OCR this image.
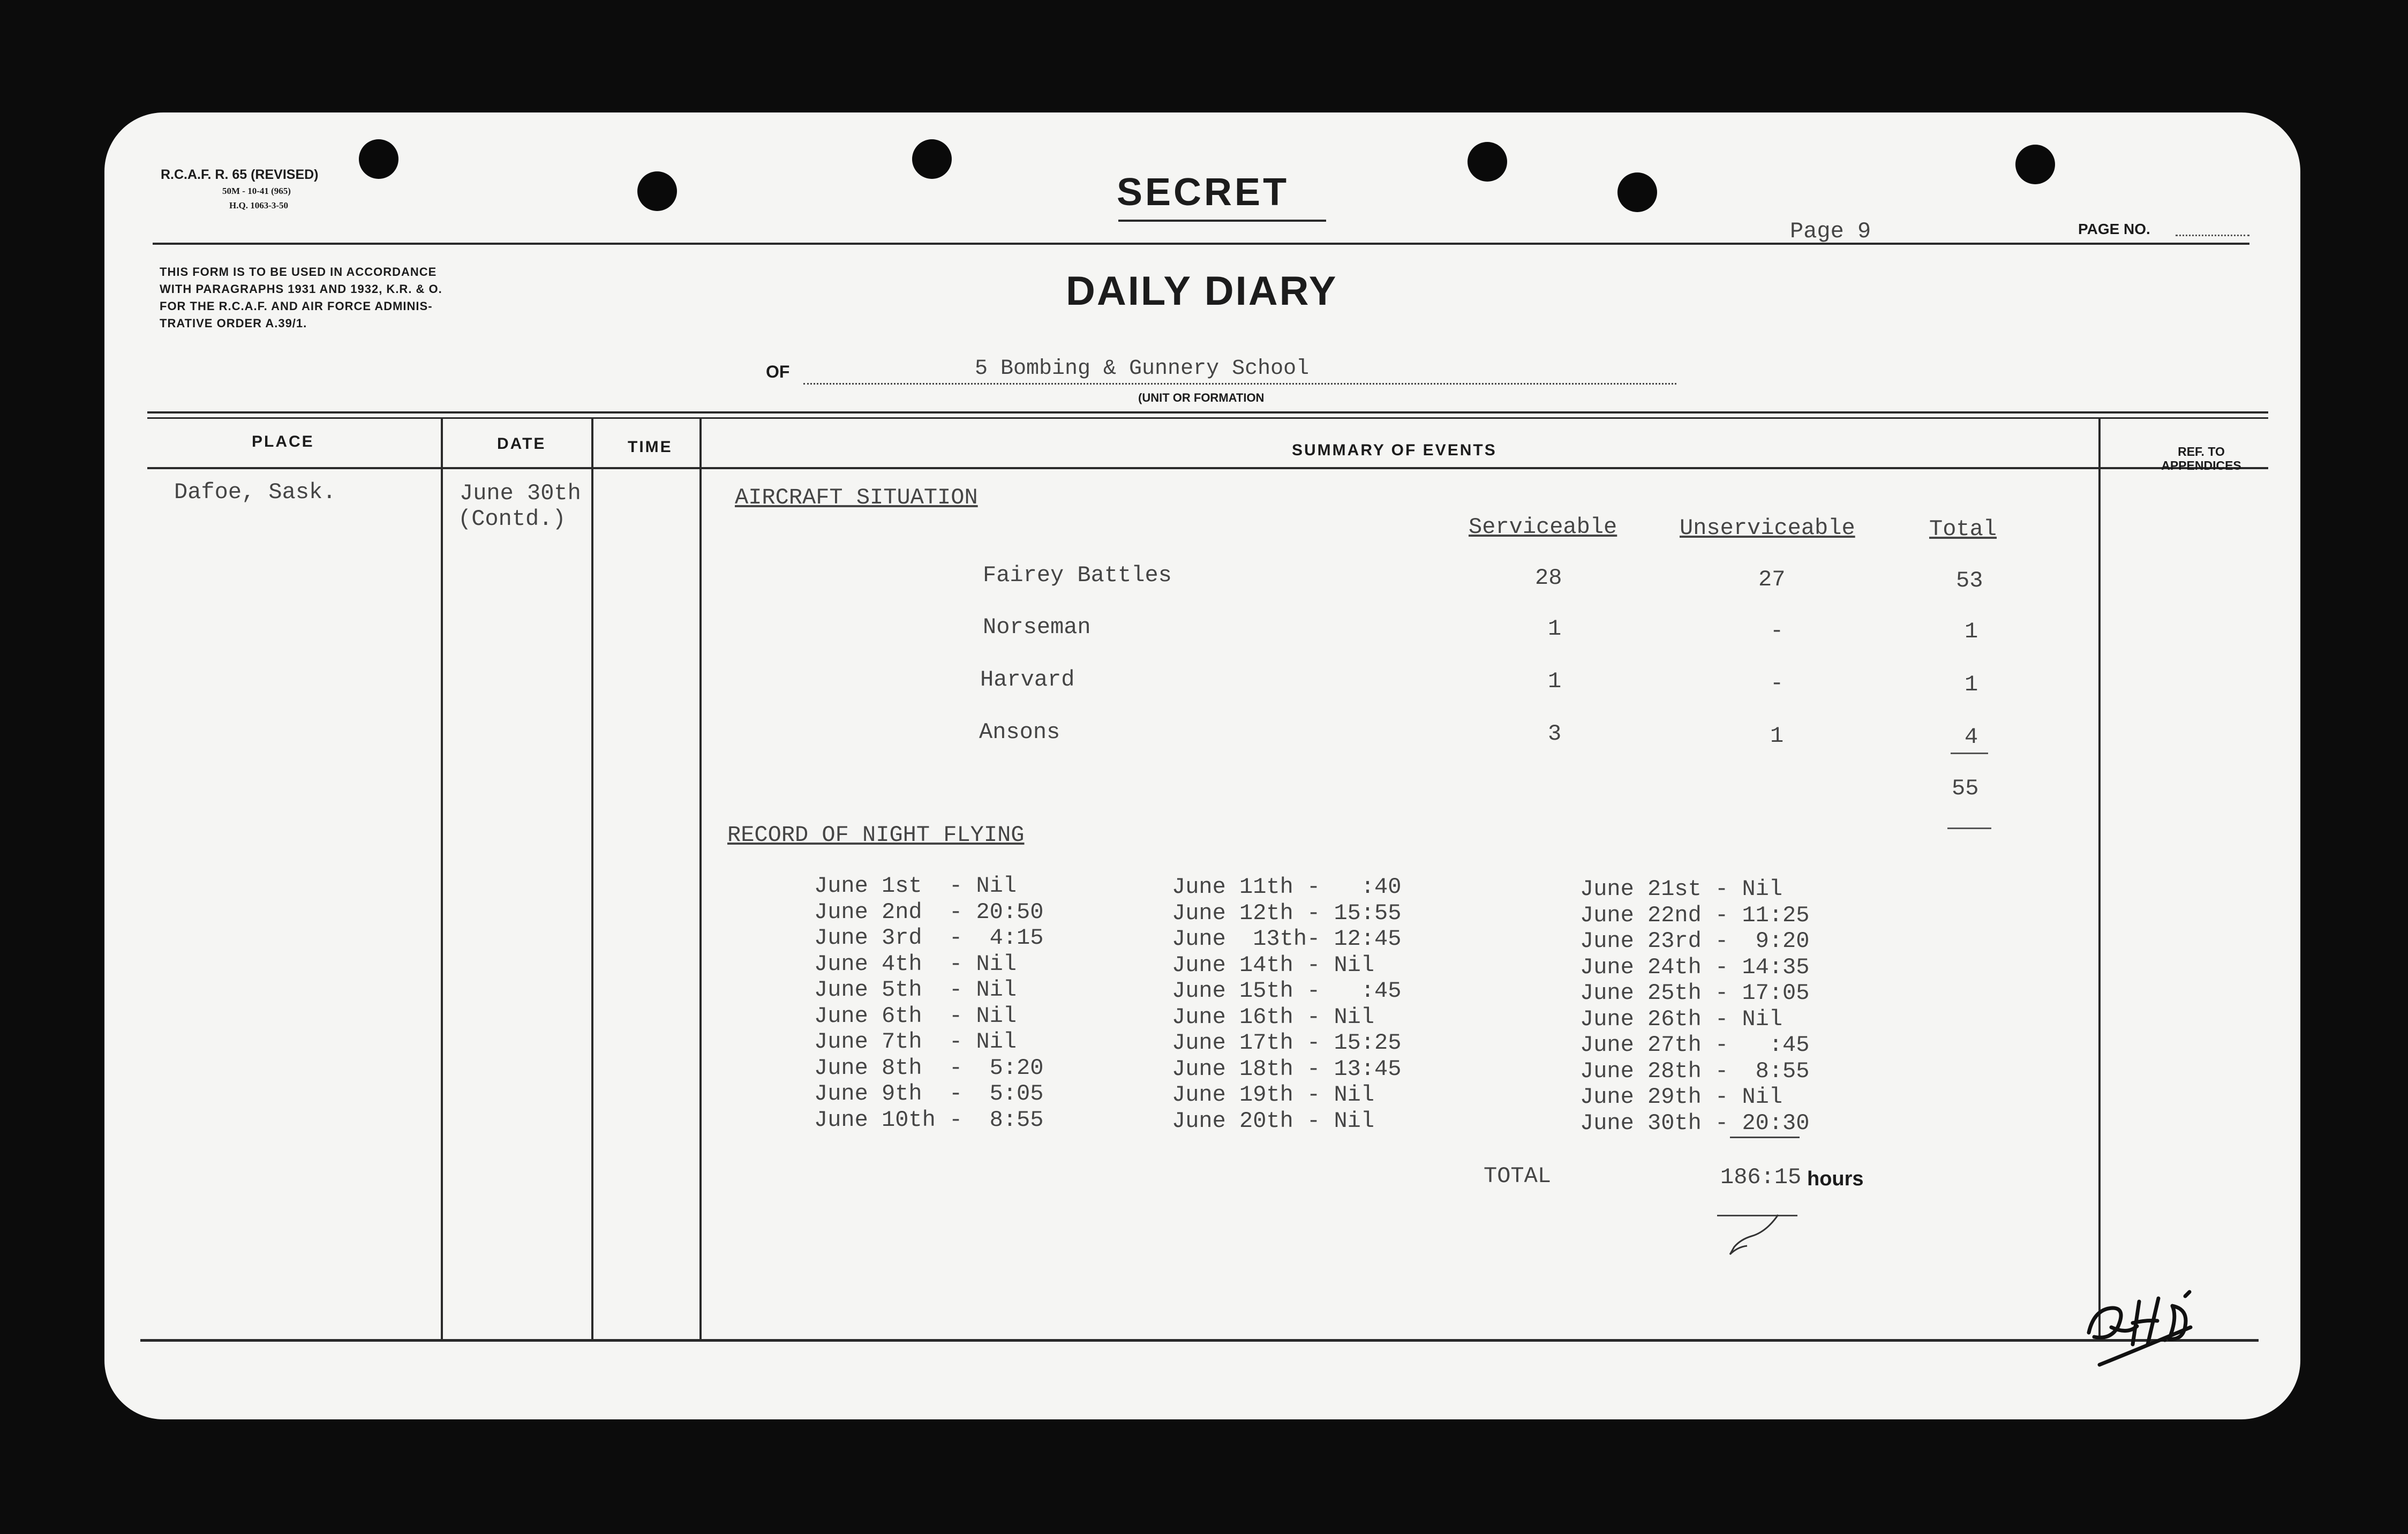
R.C.A.F. R. 65 (REVISED)
50M - 10-41 (965)
H.Q. 1063-3-50
THIS FORM IS TO BE USED IN ACCORDANCE
WITH PARAGRAPHS 1931 AND 1932, K.R. & O.
FOR THE R.C.A.F. AND AIR FORCE ADMINIS-
TRATIVE ORDER A.39/1.
SECRET
Page 9	PAGE NO.
DAILY DIARY
OF	5 Bombing & Gunnery School
(UNIT OR FORMATION
PLACE	DATE	TIME	SUMMARY OF EVENTS	REF. TO APPENDICES
Dafoe, Sask.	June 30th
(Contd.)
AIRCRAFT SITUATION
Serviceable	Unserviceable	Total
Fairey Battles	28	27	53
Norseman	1	-	1
Harvard	1	-	1
Ansons	3	1	4
55
RECORD OF NIGHT FLYING
June 1st  - Nil
June 2nd  - 20:50
June 3rd  -  4:15
June 4th  - Nil
June 5th  - Nil
June 6th  - Nil
June 7th  - Nil
June 8th  -  5:20
June 9th  -  5:05
June 10th -  8:55
June 11th -   :40
June 12th - 15:55
June  13th- 12:45
June 14th - Nil
June 15th -   :45
June 16th - Nil
June 17th - 15:25
June 18th - 13:45
June 19th - Nil
June 20th - Nil
June 21st - Nil
June 22nd - 11:25
June 23rd -  9:20
June 24th - 14:35
June 25th - 17:05
June 26th - Nil
June 27th -   :45
June 28th -  8:55
June 29th - Nil
June 30th - 20:30
TOTAL	186:15 hours
